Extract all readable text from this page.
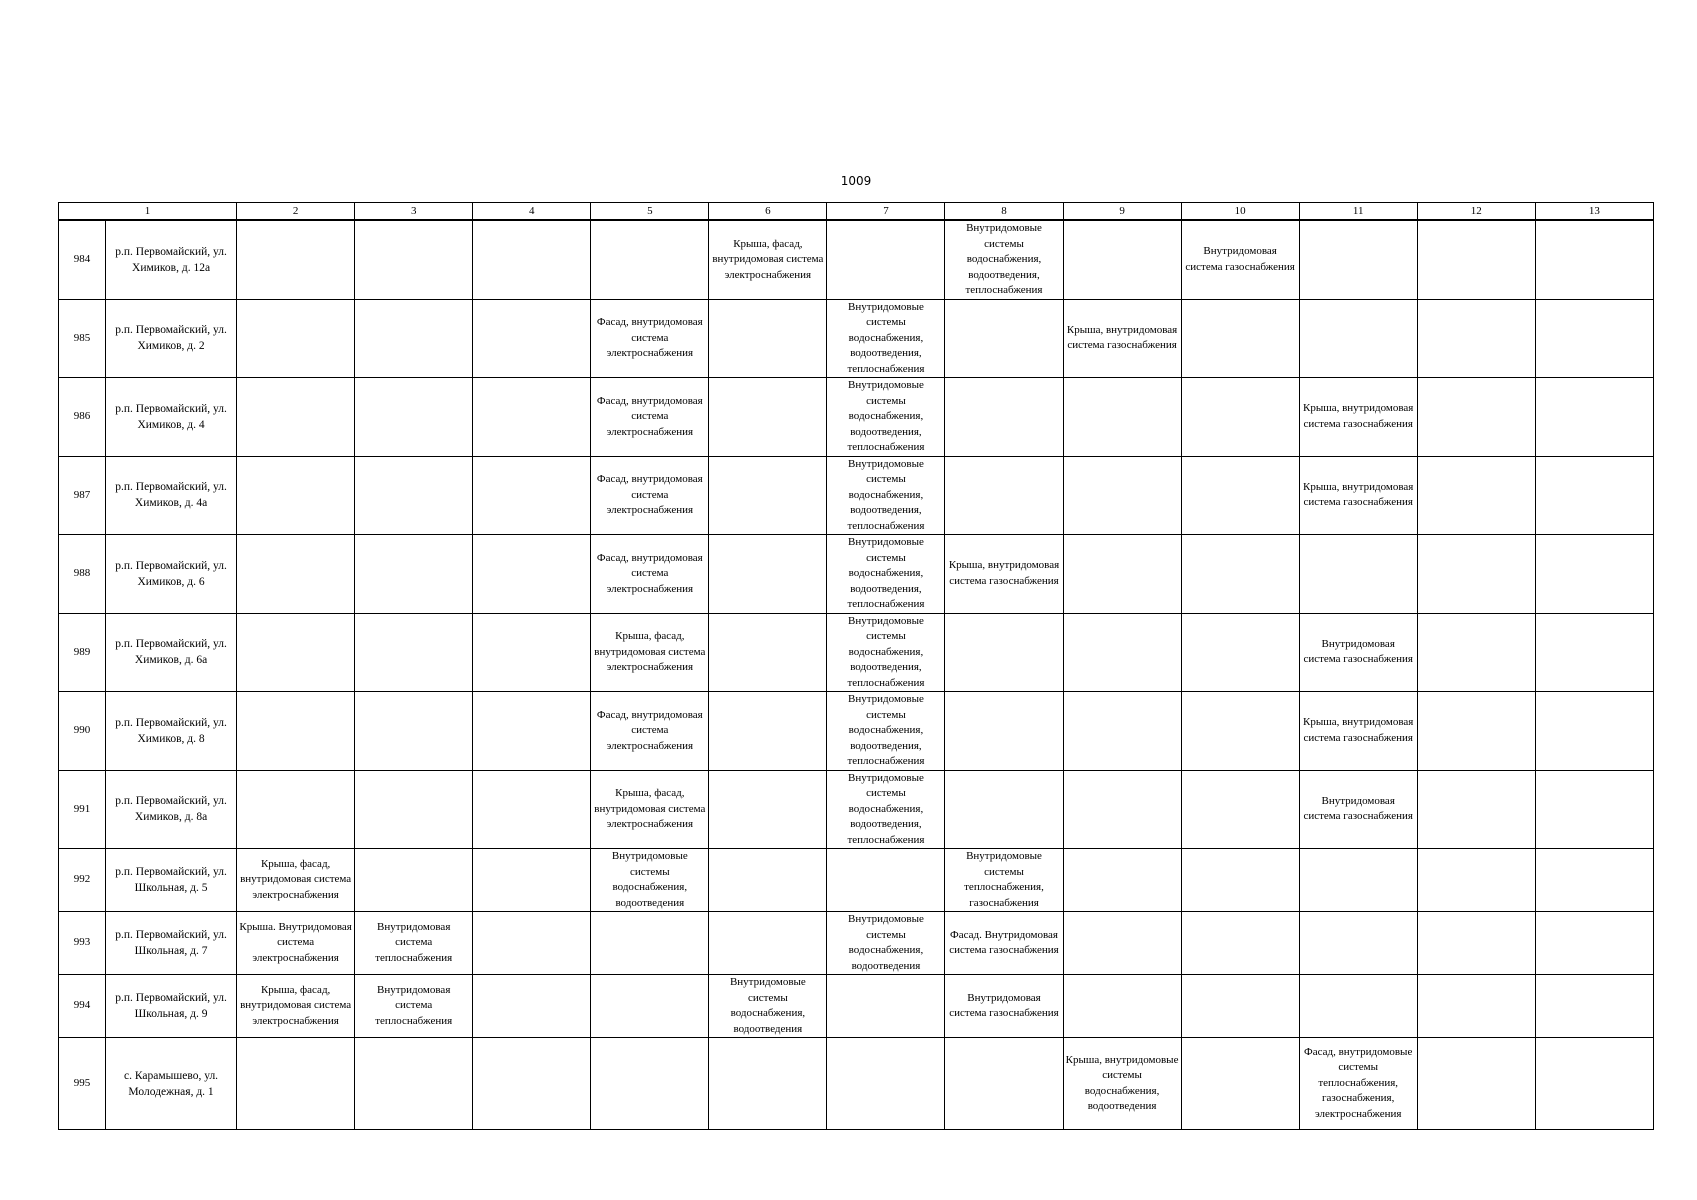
1009
1		2	3	4	5	6	7	8	9	10	11	12	13
984	р.п. Первомайский, ул. Химиков, д. 12а					Крыша, фасад, внутридомовая система электроснабжения		Внутридомовые системы водоснабжения, водоотведения, теплоснабжения		Внутридомовая система газоснабжения			
985	р.п. Первомайский, ул. Химиков, д. 2				Фасад, внутридомовая система электроснабжения		Внутридомовые системы водоснабжения, водоотведения, теплоснабжения		Крыша, внутридомовая система газоснабжения				
986	р.п. Первомайский, ул. Химиков, д. 4				Фасад, внутридомовая система электроснабжения		Внутридомовые системы водоснабжения, водоотведения, теплоснабжения				Крыша, внутридомовая система газоснабжения		
987	р.п. Первомайский, ул. Химиков, д. 4а				Фасад, внутридомовая система электроснабжения		Внутридомовые системы водоснабжения, водоотведения, теплоснабжения				Крыша, внутридомовая система газоснабжения		
988	р.п. Первомайский, ул. Химиков, д. 6				Фасад, внутридомовая система электроснабжения		Внутридомовые системы водоснабжения, водоотведения, теплоснабжения	Крыша, внутридомовая система газоснабжения					
989	р.п. Первомайский, ул. Химиков, д. 6а				Крыша, фасад, внутридомовая система электроснабжения		Внутридомовые системы водоснабжения, водоотведения, теплоснабжения				Внутридомовая система газоснабжения		
990	р.п. Первомайский, ул. Химиков, д. 8				Фасад, внутридомовая система электроснабжения		Внутридомовые системы водоснабжения, водоотведения, теплоснабжения				Крыша, внутридомовая система газоснабжения		
991	р.п. Первомайский, ул. Химиков, д. 8а				Крыша, фасад, внутридомовая система электроснабжения		Внутридомовые системы водоснабжения, водоотведения, теплоснабжения				Внутридомовая система газоснабжения		
992	р.п. Первомайский, ул. Школьная, д. 5	Крыша, фасад, внутридомовая система электроснабжения			Внутридомовые системы водоснабжения, водоотведения			Внутридомовые системы теплоснабжения, газоснабжения					
993	р.п. Первомайский, ул. Школьная, д. 7	Крыша. Внутридомовая система электроснабжения	Внутридомовая система теплоснабжения				Внутридомовые системы водоснабжения, водоотведения	Фасад. Внутридомовая система газоснабжения					
994	р.п. Первомайский, ул. Школьная, д. 9	Крыша, фасад, внутридомовая система электроснабжения	Внутридомовая система теплоснабжения			Внутридомовые системы водоснабжения, водоотведения		Внутридомовая система газоснабжения					
995	с. Карамышево, ул. Молодежная, д. 1								Крыша, внутридомовые системы водоснабжения, водоотведения		Фасад, внутридомовые системы теплоснабжения, газоснабжения, электроснабжения		
